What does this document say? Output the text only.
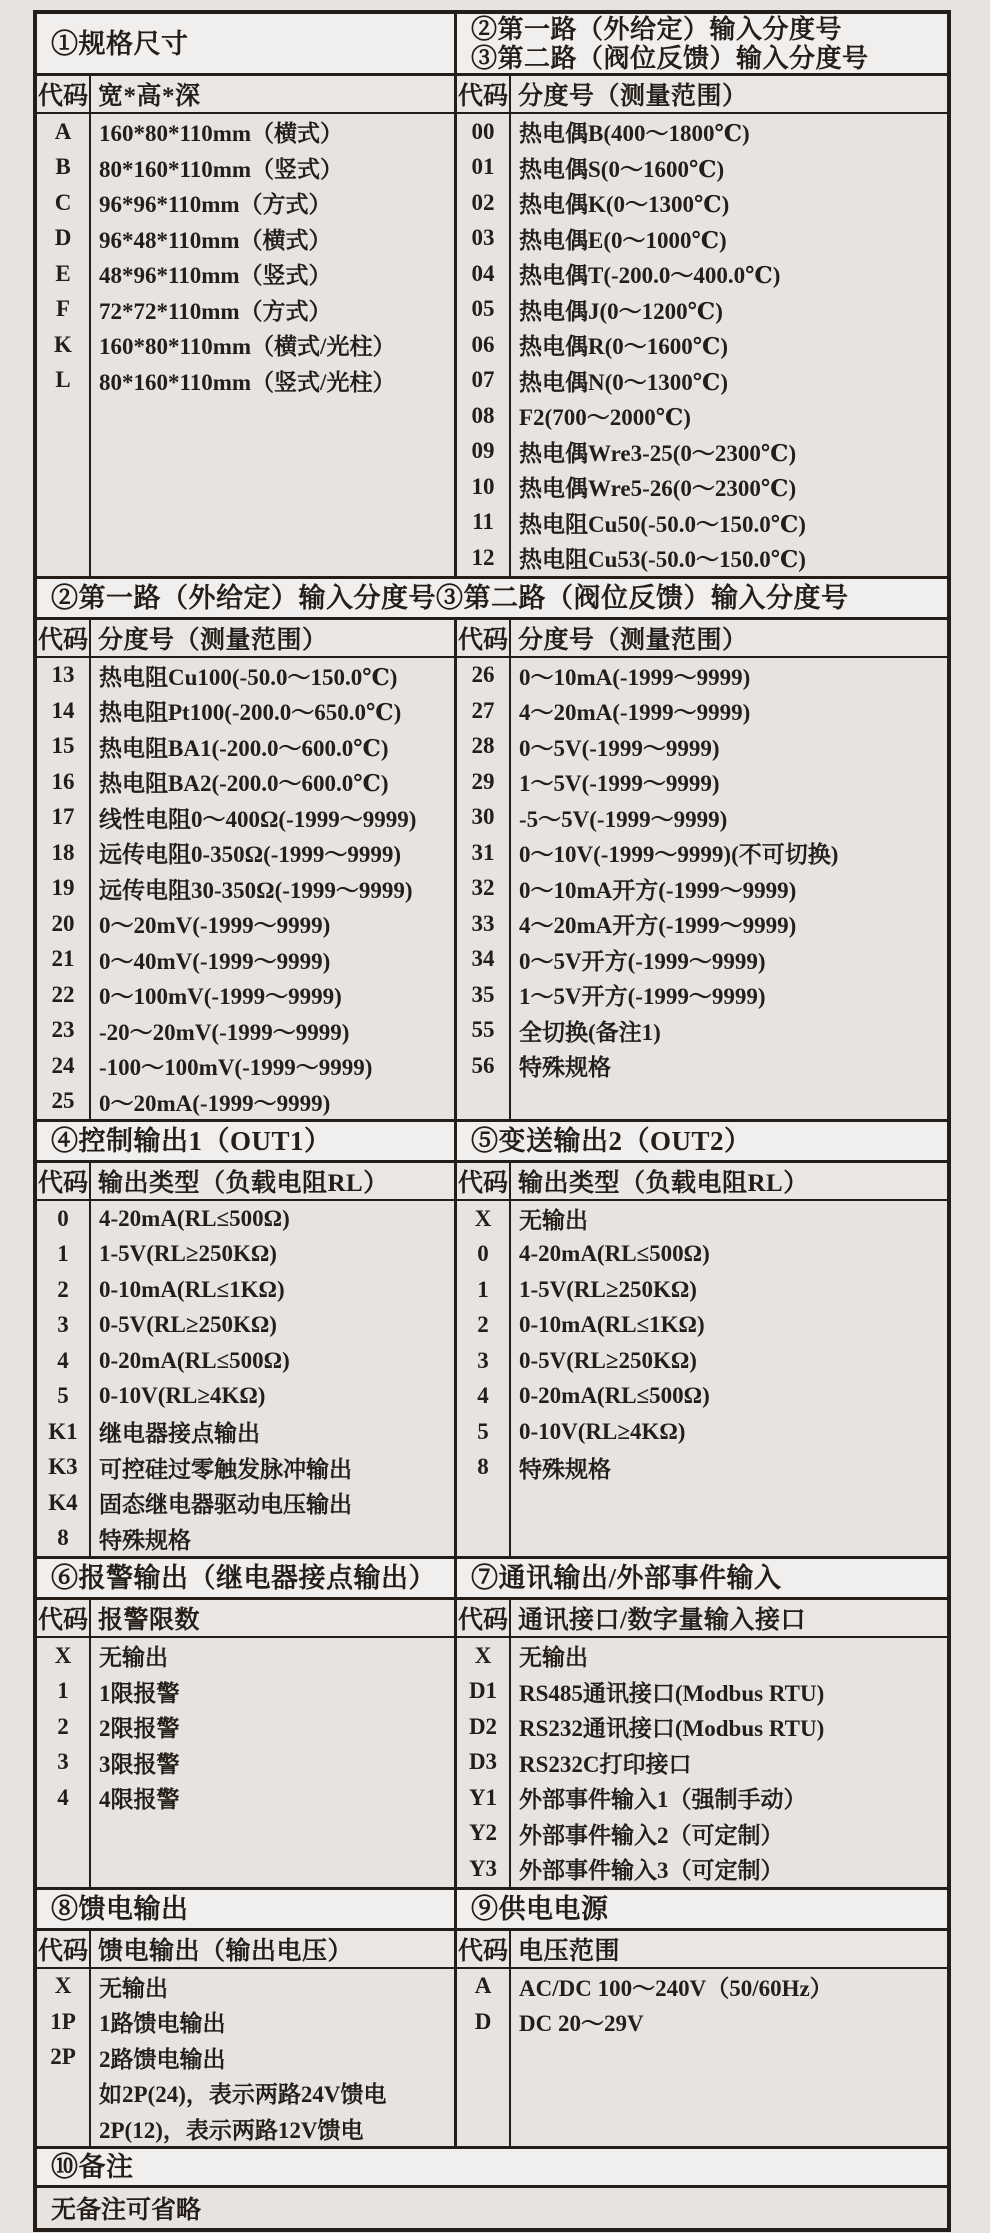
①规格尺寸	②第一路（外给定）输入分度号
③第二路（阀位反馈）输入分度号
代码 宽*高*深
A	160*80*110mm（横式）
B	80*160*110mm（竖式）
C	96*96*110mm（方式）
D	96*48*110mm（横式）
E	48*96*110mm（竖式）
F	72*72*110mm（方式）
K	160*80*110mm（横式/光柱）
L	80*160*110mm（竖式/光柱）
代码 分度号（测量范围）
00	热电偶B(400～1800℃)
01	热电偶S(0～1600℃)
02	热电偶K(0～1300℃)
03	热电偶E(0～1000℃)
04	热电偶T(-200.0～400.0℃)
05	热电偶J(0～1200℃)
06	热电偶R(0～1600℃)
07	热电偶N(0～1300℃)
08	F2(700～2000℃)
09	热电偶Wre3-25(0～2300℃)
10	热电偶Wre5-26(0～2300℃)
11	热电阻Cu50(-50.0～150.0℃)
12	热电阻Cu53(-50.0～150.0℃)
②第一路（外给定）输入分度号③第二路（阀位反馈）输入分度号
代码 分度号（测量范围）
13	热电阻Cu100(-50.0～150.0℃)
14	热电阻Pt100(-200.0～650.0℃)
15	热电阻BA1(-200.0～600.0℃)
16	热电阻BA2(-200.0～600.0℃)
17	线性电阻0～400Ω(-1999～9999)
18	远传电阻0-350Ω(-1999～9999)
19	远传电阻30-350Ω(-1999～9999)
20	0～20mV(-1999～9999)
21	0～40mV(-1999～9999)
22	0～100mV(-1999～9999)
23	-20～20mV(-1999～9999)
24	-100～100mV(-1999～9999)
25	0～20mA(-1999～9999)
代码 分度号（测量范围）
26	0～10mA(-1999～9999)
27	4～20mA(-1999～9999)
28	0～5V(-1999～9999)
29	1～5V(-1999～9999)
30	-5～5V(-1999～9999)
31	0～10V(-1999～9999)(不可切换)
32	0～10mA开方(-1999～9999)
33	4～20mA开方(-1999～9999)
34	0～5V开方(-1999～9999)
35	1～5V开方(-1999～9999)
55	全切换(备注1)
56	特殊规格
④控制输出1（OUT1）	⑤变送输出2（OUT2）
代码 输出类型（负载电阻RL）
0	4-20mA(RL≤500Ω)
1	1-5V(RL≥250KΩ)
2	0-10mA(RL≤1KΩ)
3	0-5V(RL≥250KΩ)
4	0-20mA(RL≤500Ω)
5	0-10V(RL≥4KΩ)
K1 继电器接点输出
K3 可控硅过零触发脉冲输出
K4 固态继电器驱动电压输出
8	特殊规格
代码 输出类型（负载电阻RL）
X	无输出
0	4-20mA(RL≤500Ω)
1	1-5V(RL≥250KΩ)
2	0-10mA(RL≤1KΩ)
3	0-5V(RL≥250KΩ)
4	0-20mA(RL≤500Ω)
5	0-10V(RL≥4KΩ)
8	特殊规格
⑥报警输出（继电器接点输出）	⑦通讯输出/外部事件输入
代码 报警限数
X	无输出
1	1限报警
2	2限报警
3	3限报警
4	4限报警
代码 通讯接口/数字量输入接口
X	无输出
D1 RS485通讯接口(Modbus RTU)
D2 RS232通讯接口(Modbus RTU)
D3 RS232C打印接口
Y1 外部事件输入1（强制手动）
Y2 外部事件输入2（可定制）
Y3 外部事件输入3（可定制）
⑧馈电输出	⑨供电电源
代码 馈电输出（输出电压）
X	无输出
1P	1路馈电输出
2P	2路馈电输出
如2P(24)，表示两路24V馈电
2P(12)，表示两路12V馈电
代码 电压范围
A	AC/DC 100～240V（50/60Hz）
D	DC 20～29V
⑩备注
无备注可省略
